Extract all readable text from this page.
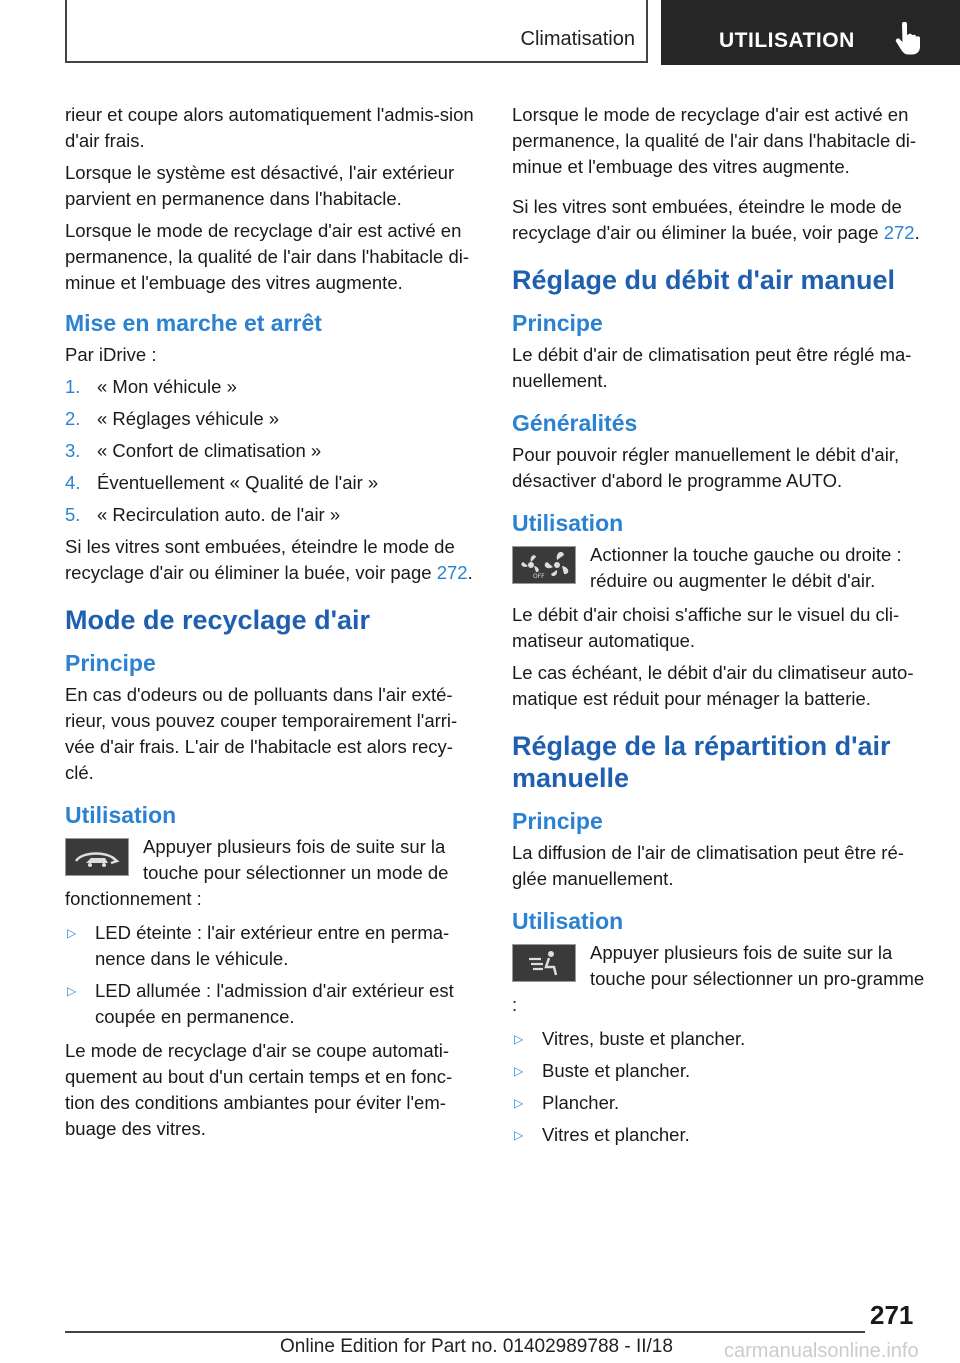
Climatisation	UTILISATION

rieur et coupe alors automatiquement l'admis-sion d'air frais.

Lorsque le système est désactivé, l'air extérieur parvient en permanence dans l'habitacle.

Lorsque le mode de recyclage d'air est activé en permanence, la qualité de l'air dans l'habitacle di-minue et l'embuage des vitres augmente.

Mise en marche et arrêt

Par iDrive :

1. « Mon véhicule »
2. « Réglages véhicule »
3. « Confort de climatisation »
4. Éventuellement « Qualité de l'air »
5. « Recirculation auto. de l'air »

Si les vitres sont embuées, éteindre le mode de recyclage d'air ou éliminer la buée, voir page 272.

Mode de recyclage d'air
Principe

En cas d'odeurs ou de polluants dans l'air exté-rieur, vous pouvez couper temporairement l'arri-vée d'air frais. L'air de l'habitacle est alors recy-clé.

Utilisation
Appuyer plusieurs fois de suite sur la touche pour sélectionner un mode de fonctionnement :
▷	LED éteinte : l'air extérieur entre en perma-nence dans le véhicule.
▷	LED allumée : l'admission d'air extérieur est coupée en permanence.

Le mode de recyclage d'air se coupe automati-quement au bout d'un certain temps et en fonc-tion des conditions ambiantes pour éviter l'em-buage des vitres.

Lorsque le mode de recyclage d'air est activé en permanence, la qualité de l'air dans l'habitacle di-minue et l'embuage des vitres augmente.

Si les vitres sont embuées, éteindre le mode de recyclage d'air ou éliminer la buée, voir page 272.

Réglage du débit d'air manuel
Principe

Le débit d'air de climatisation peut être réglé ma-nuellement.

Généralités

Pour pouvoir régler manuellement le débit d'air, désactiver d'abord le programme AUTO.

Utilisation
OFF
Actionner la touche gauche ou droite : réduire ou augmenter le débit d'air.

Le débit d'air choisi s'affiche sur le visuel du cli-matiseur automatique.

Le cas échéant, le débit d'air du climatiseur auto-matique est réduit pour ménager la batterie.

Réglage de la répartition d'air manuelle
Principe

La diffusion de l'air de climatisation peut être ré-glée manuellement.

Utilisation
Appuyer plusieurs fois de suite sur la touche pour sélectionner un pro-gramme :
▷	Vitres, buste et plancher.
▷	Buste et plancher.
▷	Plancher.
▷	Vitres et plancher.
271
Online Edition for Part no. 01402989788 - II/18	carmanualsonline.info
